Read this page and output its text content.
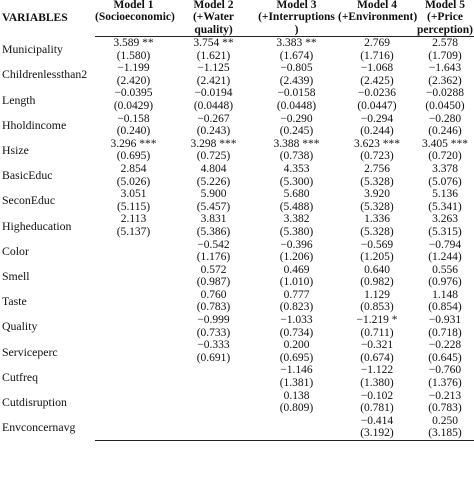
VARIABLES	Model 1	Model 2	Model 3	Model 4	Model 5
	(Socioeconomic)	(+Water	(+Interruptions	(+Environment)	(+Price
		quality)	)		perception)
Municipality	3.589 **	3.754 **	3.383 **	2.769	2.578
	(1.580)	(1.621)	(1.674)	(1.716)	(1.709)
Childrenlessthan2	−1.199	−1.125	−0.805	−1.068	−1.643
	(2.420)	(2.421)	(2.439)	(2.425)	(2.362)
Length	−0.0395	−0.0194	−0.0158	−0.0236	−0.0288
	(0.0429)	(0.0448)	(0.0448)	(0.0447)	(0.0450)
Hholdincome	−0.158	−0.267	−0.290	−0.294	−0.280
	(0.240)	(0.243)	(0.245)	(0.244)	(0.246)
Hsize	3.296 ***	3.298 ***	3.388 ***	3.623 ***	3.405 ***
	(0.695)	(0.725)	(0.738)	(0.723)	(0.720)
BasicEduc	2.854	4.804	4.353	2.756	3.378
	(5.026)	(5.226)	(5.300)	(5.328)	(5.076)
SeconEduc	3.051	5.900	5.680	3.920	5.136
	(5.115)	(5.457)	(5.488)	(5.328)	(5.341)
Higheducation	2.113	3.831	3.382	1.336	3.263
	(5.137)	(5.386)	(5.380)	(5.328)	(5.315)
Color		−0.542	−0.396	−0.569	−0.794
		(1.176)	(1.206)	(1.205)	(1.244)
Smell		0.572	0.469	0.640	0.556
		(0.987)	(1.010)	(0.982)	(0.976)
Taste		0.760	0.777	1.129	1.148
		(0.783)	(0.823)	(0.853)	(0.854)
Quality		−0.999	−1.033	−1.219 *	−0.931
		(0.733)	(0.734)	(0.711)	(0.718)
Serviceperc		−0.333	0.200	−0.321	−0.228
		(0.691)	(0.695)	(0.674)	(0.645)
Cutfreq			−1.146	−1.122	−0.760
			(1.381)	(1.380)	(1.376)
Cutdisruption			0.138	−0.102	−0.213
			(0.809)	(0.781)	(0.783)
Envconcernavg				−0.414	0.250
				(3.192)	(3.185)
